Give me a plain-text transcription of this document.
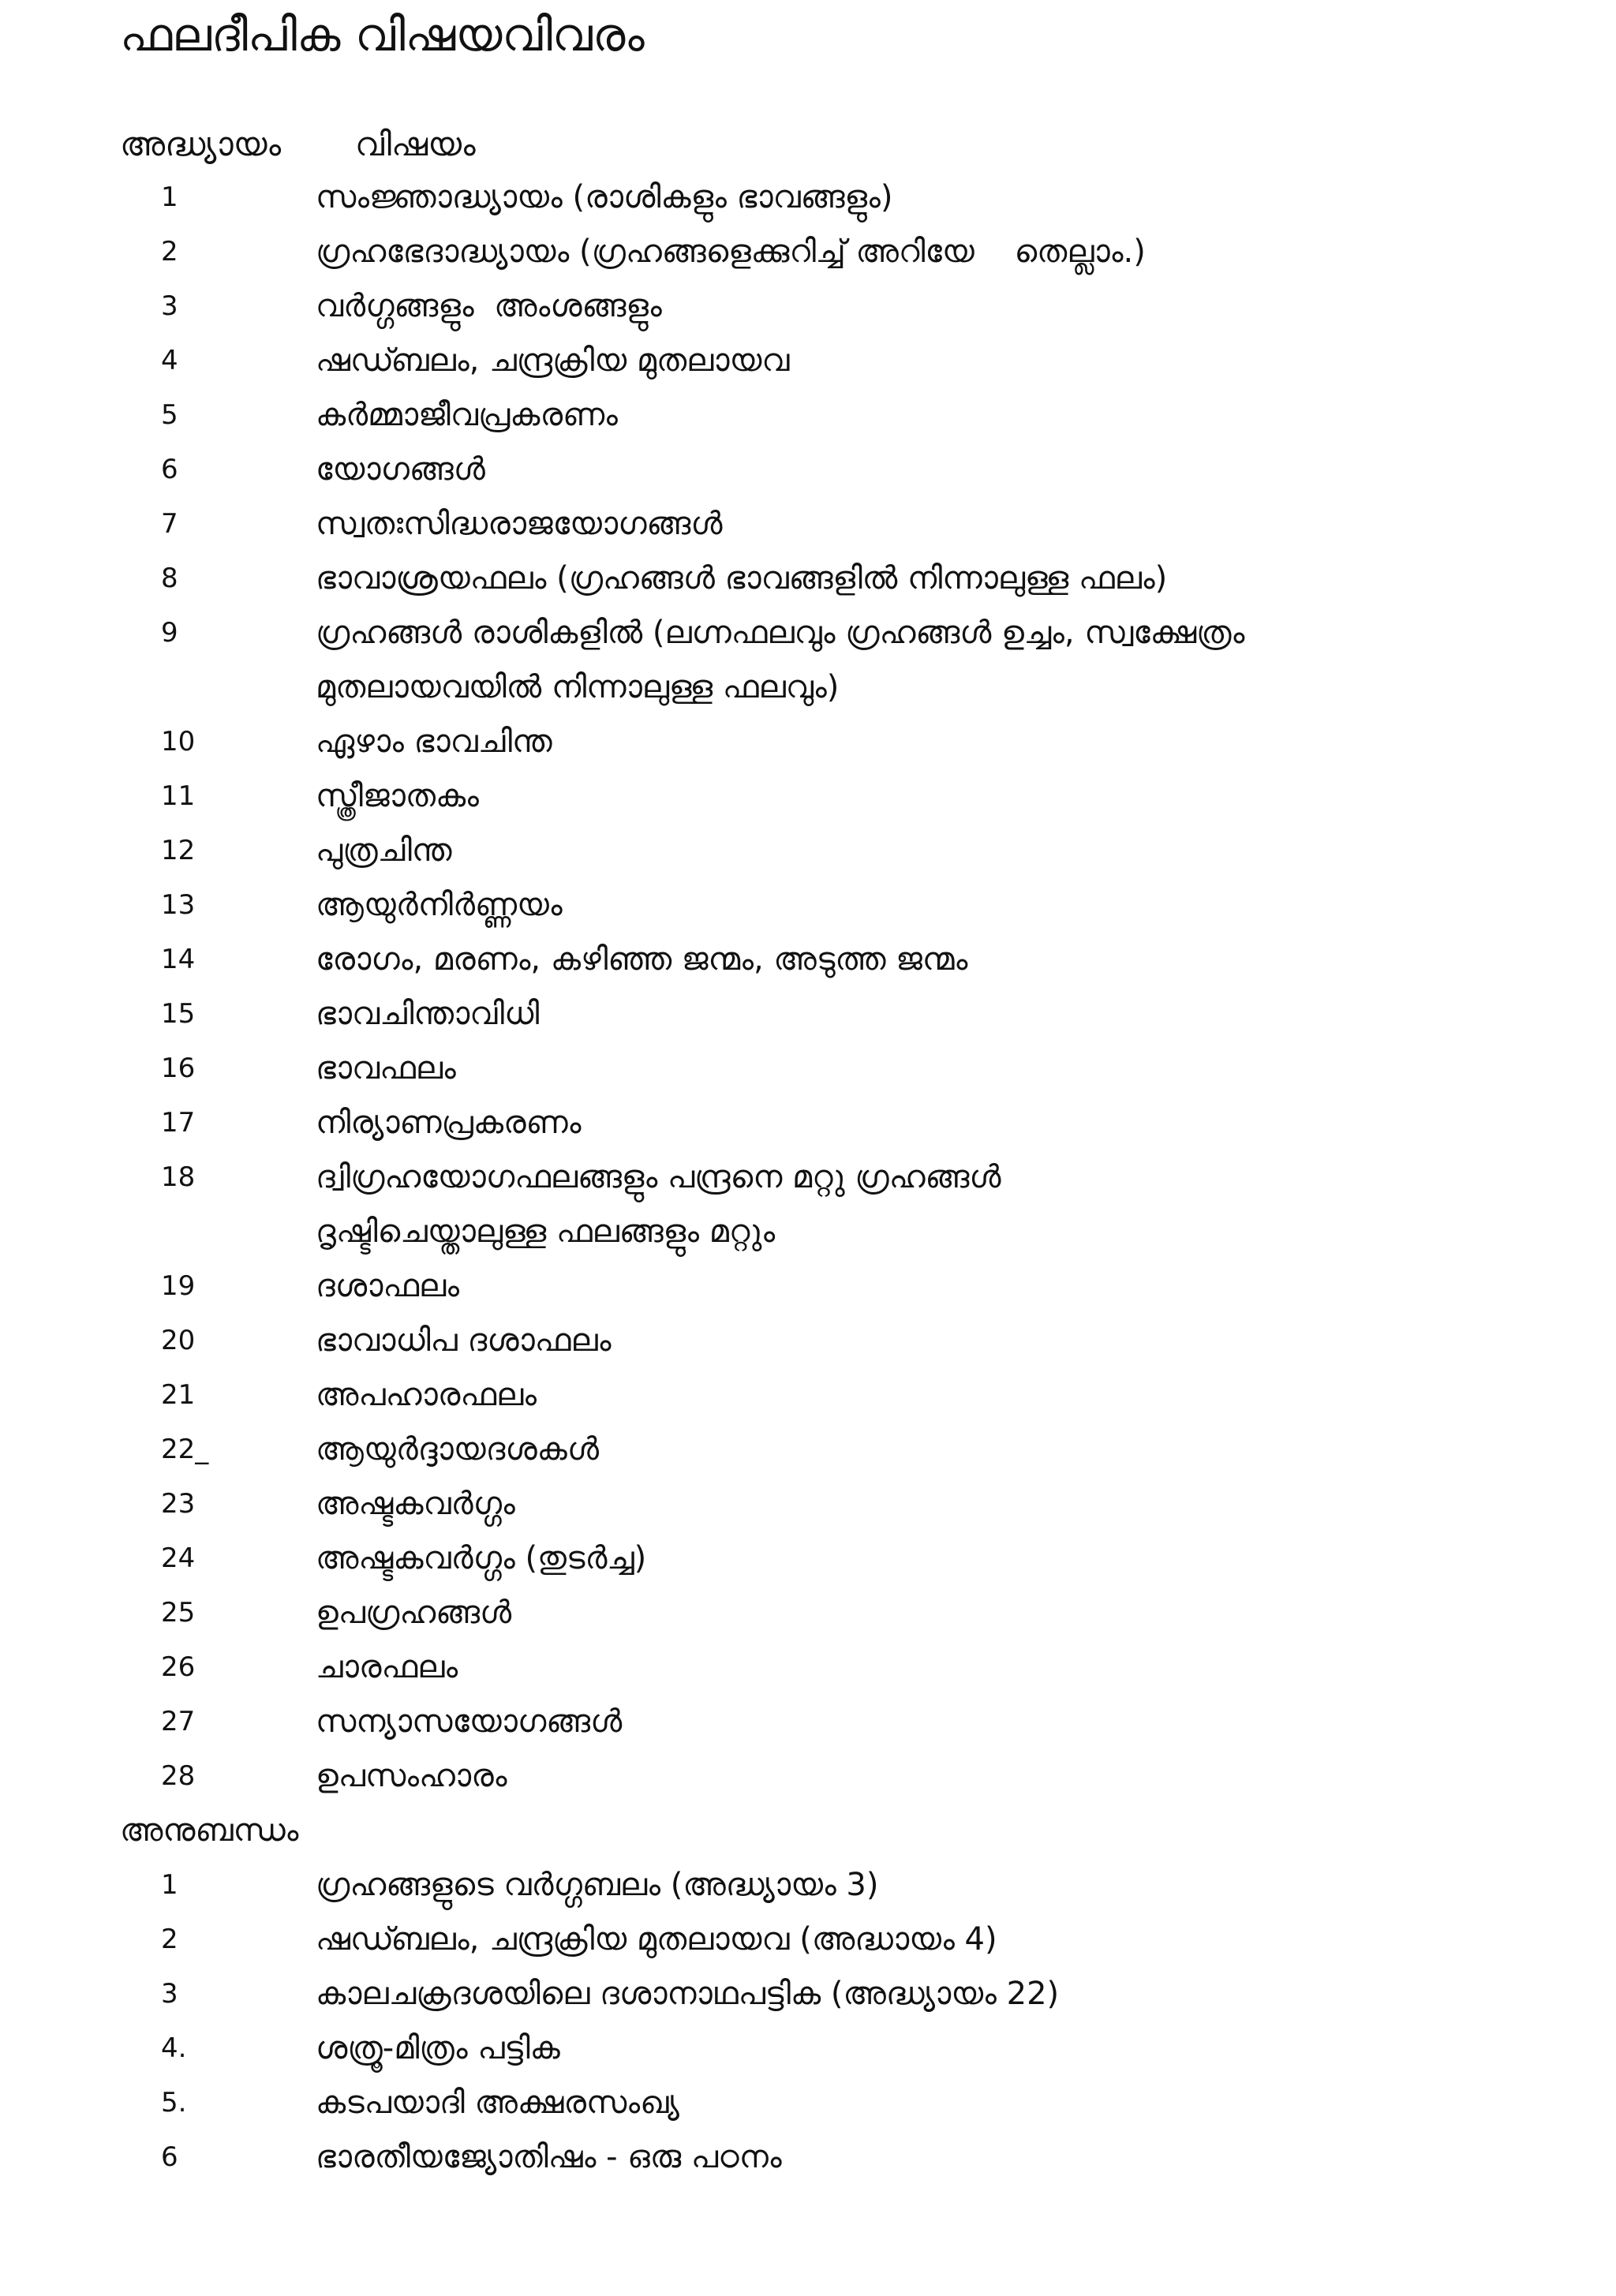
ഫലദീപിക വിഷയവിവരം
അദ്ധ്യായം വിഷയം
1	സംജ്ഞാദ്ധ്യായം (രാശികളും ഭാവങ്ങളും)
2	ഗ്രഹഭേദാദ്ധ്യായം (ഗ്രഹങ്ങളെക്കുറിച്ച് അറിയേ    തെല്ലാം.)
3	വർഗ്ഗങ്ങളും  അംശങ്ങളും
4	ഷഡ്ബലം, ചന്ദ്രക്രിയ മുതലായവ
5	കർമ്മാജീവപ്രകരണം
6	യോഗങ്ങൾ
7	സ്വതഃസിദ്ധരാജയോഗങ്ങൾ
8	ഭാവാശ്രയഫലം (ഗ്രഹങ്ങൾ ഭാവങ്ങളിൽ നിന്നാലുള്ള ഫലം)
9	ഗ്രഹങ്ങൾ രാശികളിൽ (ലഗ്നഫലവും ഗ്രഹങ്ങൾ ഉച്ചം, സ്വക്ഷേത്രം
മുതലായവയിൽ നിന്നാലുള്ള ഫലവും)
10	ഏഴാം ഭാവചിന്ത
11	സ്ത്രീജാതകം
12	പുത്രചിന്ത
13	ആയുർനിർണ്ണയം
14	രോഗം, മരണം, കഴിഞ്ഞ ജന്മം, അടുത്ത ജന്മം
15	ഭാവചിന്താവിധി
16	ഭാവഫലം
17	നിര്യാണപ്രകരണം
18	ദ്വിഗ്രഹയോഗഫലങ്ങളും പന്ദ്രനെ മറ്റു ഗ്രഹങ്ങൾ
ദൃഷ്ടിചെയ്താലുള്ള ഫലങ്ങളും മറ്റും
19	ദശാഫലം
20	ഭാവാധിപ ദശാഫലം
21	അപഹാരഫലം
22_	ആയുർദ്ദായദശകൾ
23	അഷ്ടകവർഗ്ഗം
24	അഷ്ടകവർഗ്ഗം (തുടർച്ച)
25	ഉപഗ്രഹങ്ങൾ
26	ചാരഫലം
27	സന്യാസയോഗങ്ങൾ
28	ഉപസംഹാരം
അനുബന്ധം
1	ഗ്രഹങ്ങളുടെ വർഗ്ഗബലം (അദ്ധ്യായം 3)
2	ഷഡ്ബലം, ചന്ദ്രക്രിയ മുതലായവ (അദ്ധായം 4)
3	കാലചക്രദശയിലെ ദശാനാഥപട്ടിക (അദ്ധ്യായം 22)
4.	ശത്രൂ-മിത്രം പട്ടിക
5.	കടപയാദി അക്ഷരസംഖ്യ
6	ഭാരതീയജ്യോതിഷം - ഒരു പഠനം
